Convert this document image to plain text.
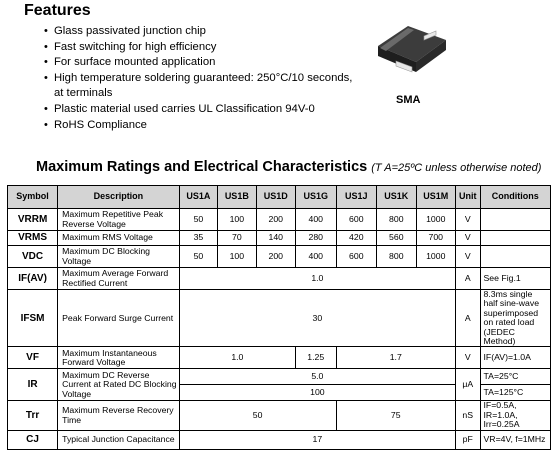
Features
• Glass passivated junction chip
• Fast switching for high efficiency
• For surface mounted application
• High temperature soldering guaranteed: 250°C/10 seconds,
at terminals
• Plastic material used carries UL Classification 94V-0
• RoHS Compliance
SMA
Maximum Ratings and Electrical Characteristics (T A=25ºC unless otherwise noted)
Symbol	Description	US1A	US1B	US1D	US1G	US1J	US1K	US1M	Unit	Conditions
VRRM	Maximum Repetitive Peak Reverse Voltage	50	100	200	400	600	800	1000	V	
VRMS	Maximum RMS Voltage	35	70	140	280	420	560	700	V	
VDC	Maximum DC Blocking Voltage	50	100	200	400	600	800	1000	V	
IF(AV)	Maximum Average Forward Rectified Current	1.0							A	See Fig.1
IFSM	Peak Forward Surge Current	30							A	8.3ms single half sine-wave superimposed on rated load (JEDEC Method)
VF	Maximum Instantaneous Forward Voltage	1.0			1.25	1.7			V	IF(AV)=1.0A
IR	Maximum DC Reverse Current at Rated DC Blocking Voltage	5.0							μA	TA=25°C
		100								TA=125°C
Trr	Maximum Reverse Recovery Time	50				75			nS	IF=0.5A, IR=1.0A, Irr=0.25A
CJ	Typical Junction Capacitance	17							pF	VR=4V, f=1MHz
